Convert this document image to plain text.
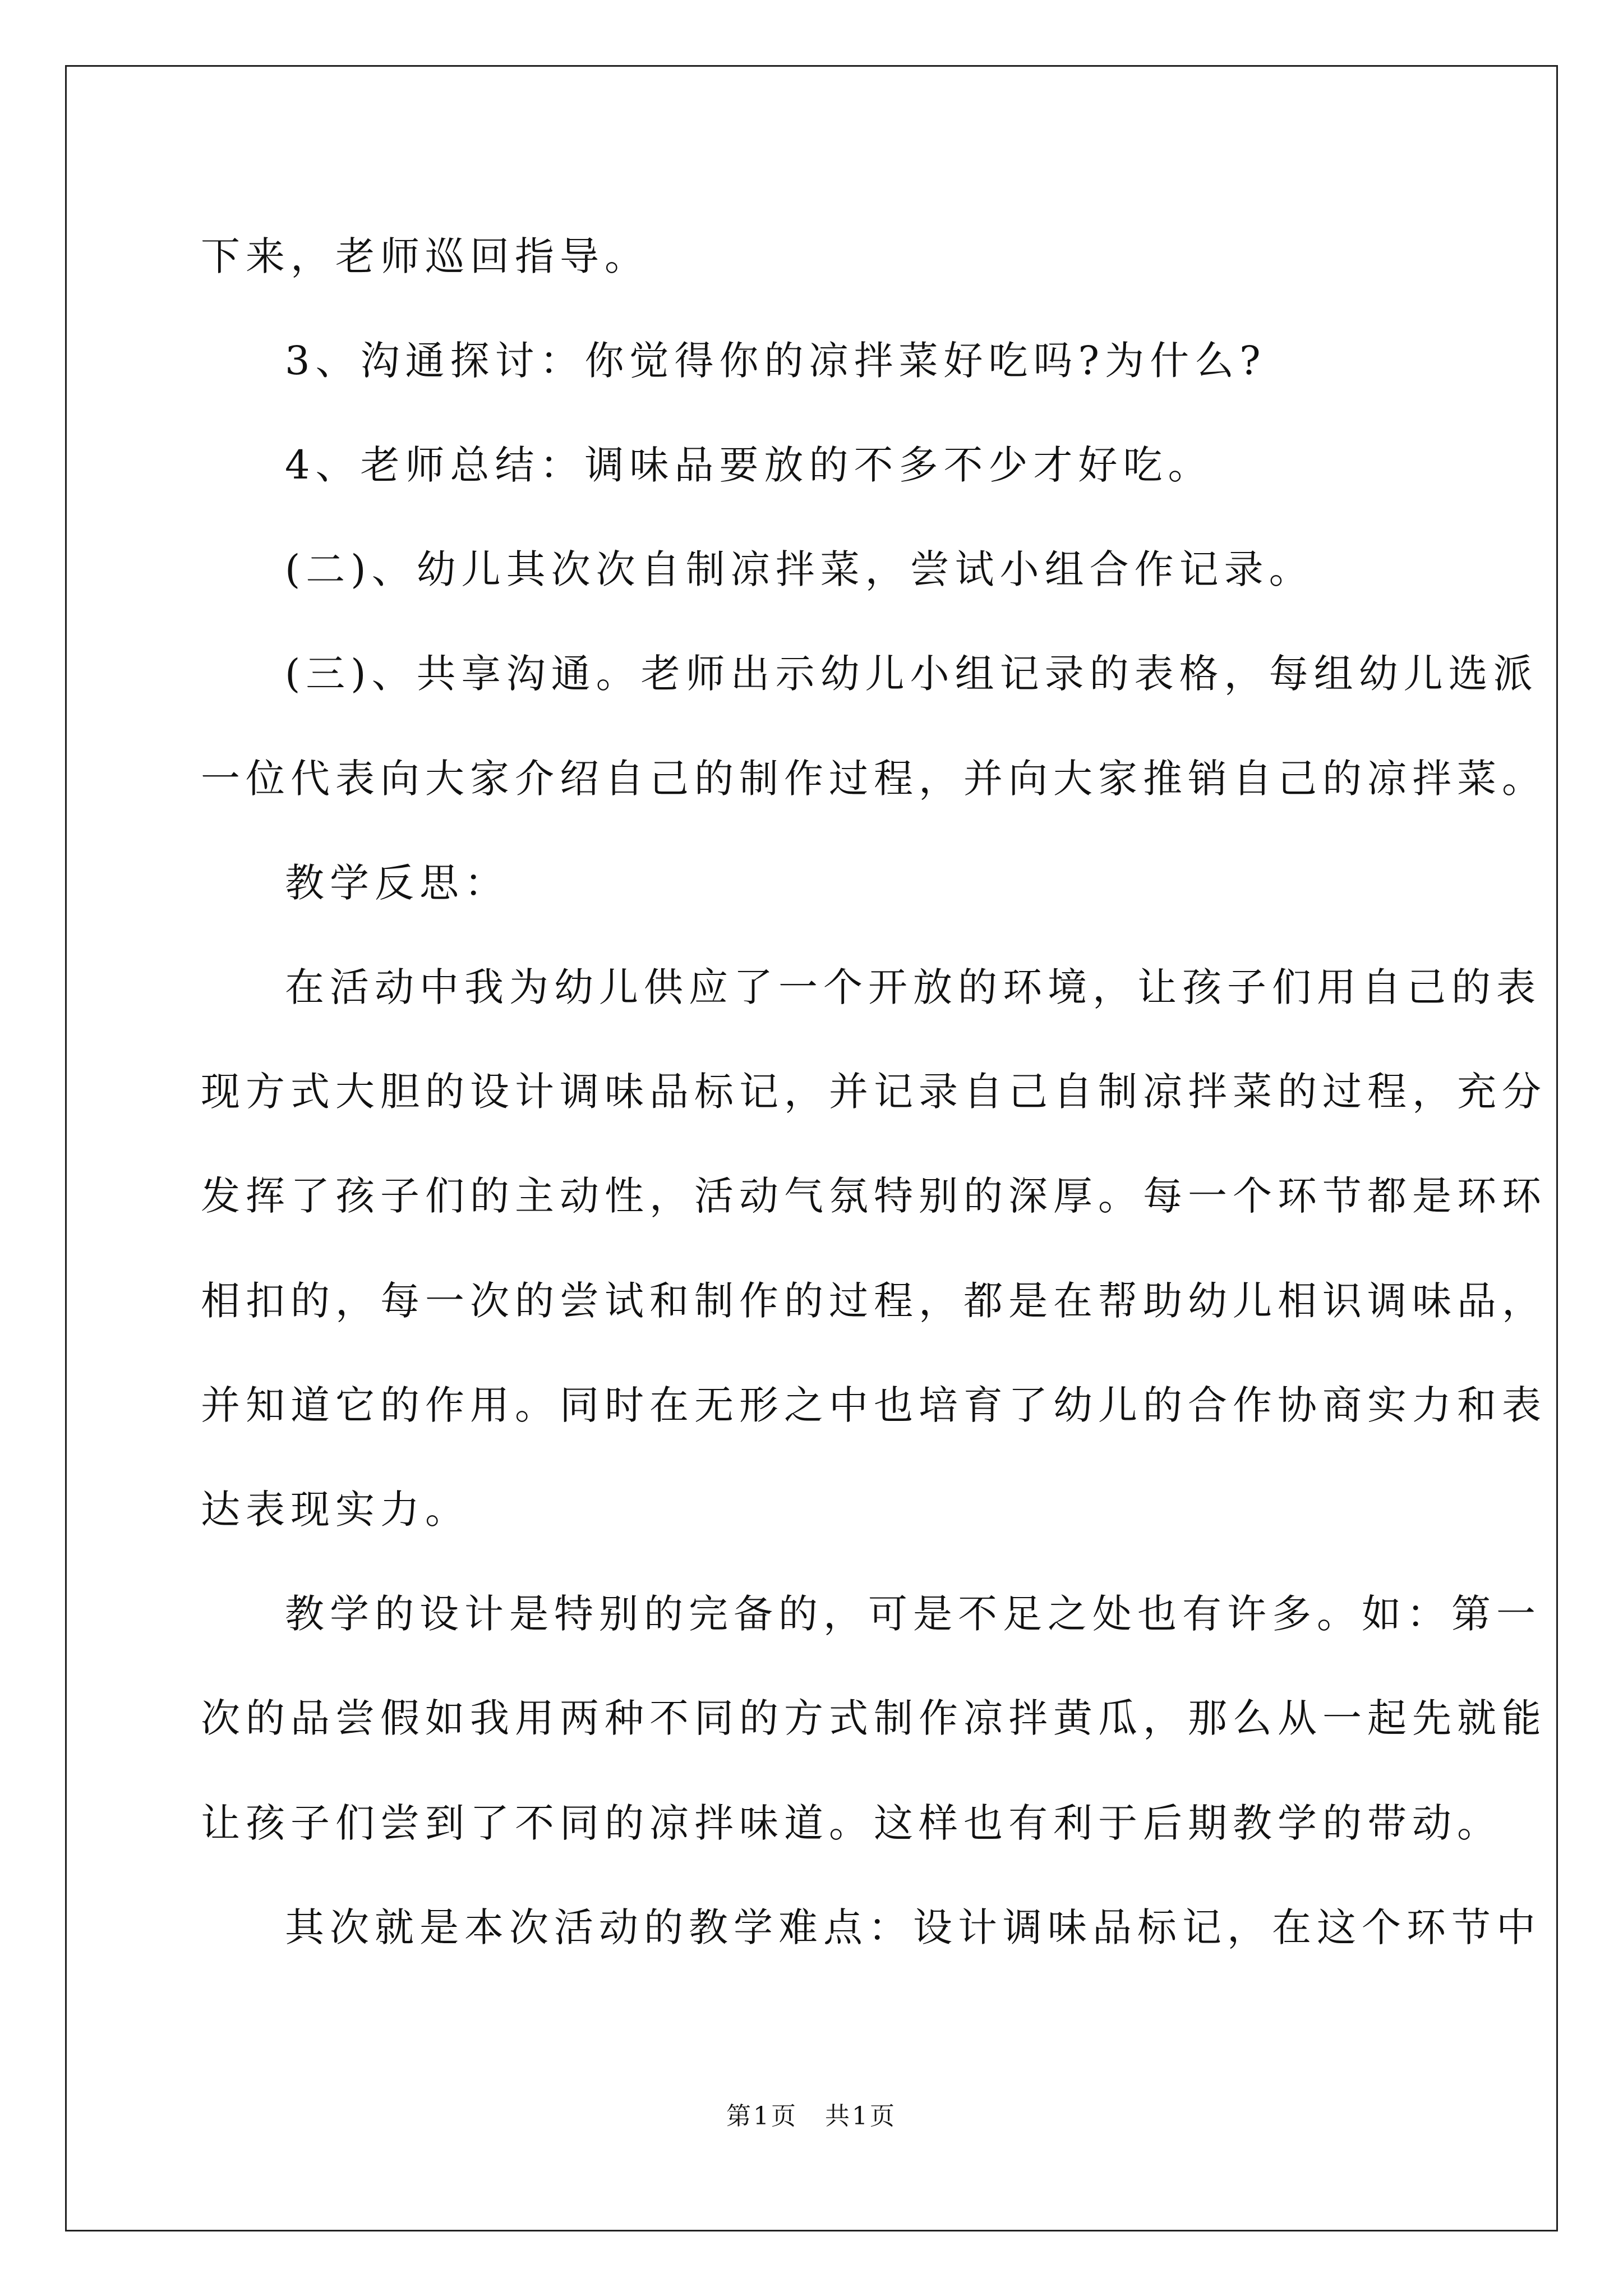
下来，老师巡回指导。
3、沟通探讨：你觉得你的凉拌菜好吃吗?为什么?
4、老师总结：调味品要放的不多不少才好吃。
(二)、幼儿其次次自制凉拌菜，尝试小组合作记录。
(三)、共享沟通。老师出示幼儿小组记录的表格，每组幼儿选派
一位代表向大家介绍自己的制作过程，并向大家推销自己的凉拌菜。
教学反思：
在活动中我为幼儿供应了一个开放的环境，让孩子们用自己的表
现方式大胆的设计调味品标记，并记录自己自制凉拌菜的过程，充分
发挥了孩子们的主动性，活动气氛特别的深厚。每一个环节都是环环
相扣的，每一次的尝试和制作的过程，都是在帮助幼儿相识调味品，
并知道它的作用。同时在无形之中也培育了幼儿的合作协商实力和表
达表现实力。
教学的设计是特别的完备的，可是不足之处也有许多。如：第一
次的品尝假如我用两种不同的方式制作凉拌黄瓜，那么从一起先就能
让孩子们尝到了不同的凉拌味道。这样也有利于后期教学的带动。
其次就是本次活动的教学难点：设计调味品标记，在这个环节中
第1页　共1页
